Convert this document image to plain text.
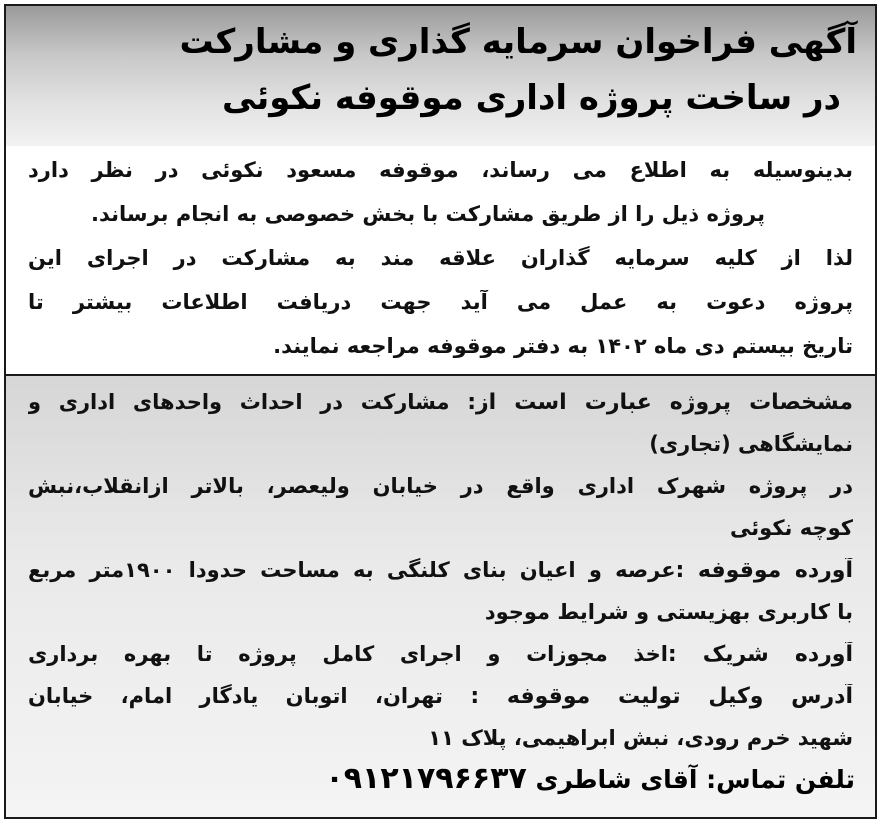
آگهی فراخوان سرمایه گذاری و مشارکت
در ساخت پروژه اداری موقوفه نکوئی
بدینوسیله به اطلاع می رساند، موقوفه مسعود نکوئی در نظر دارد
پروژه ذیل را از طریق مشارکت با بخش خصوصی به انجام برساند.
لذا از کلیه سرمایه گذاران علاقه مند به مشارکت در اجرای این
پروژه دعوت به عمل می آید جهت دریافت اطلاعات بیشتر تا
تاریخ بیستم دی ماه ۱۴۰۲ به دفتر موقوفه مراجعه نمایند.
مشخصات پروژه عبارت است از: مشارکت در احداث واحدهای اداری و
نمایشگاهی (تجاری)
در پروژه شهرک اداری واقع در خیابان ولیعصر، بالاتر ازانقلاب،نبش
کوچه نکوئی
آورده موقوفه :عرصه و اعیان بنای کلنگی به مساحت حدودا ۱۹۰۰متر مربع
با کاربری بهزیستی و شرایط موجود
آورده شریک :اخذ مجوزات و اجرای کامل پروژه تا بهره برداری
آدرس وکیل تولیت موقوفه : تهران، اتوبان یادگار امام، خیابان
شهید خرم رودی، نبش ابراهیمی، پلاک ۱۱
تلفن تماس: آقای شاطری ۰۹۱۲۱۷۹۶۶۳۷
